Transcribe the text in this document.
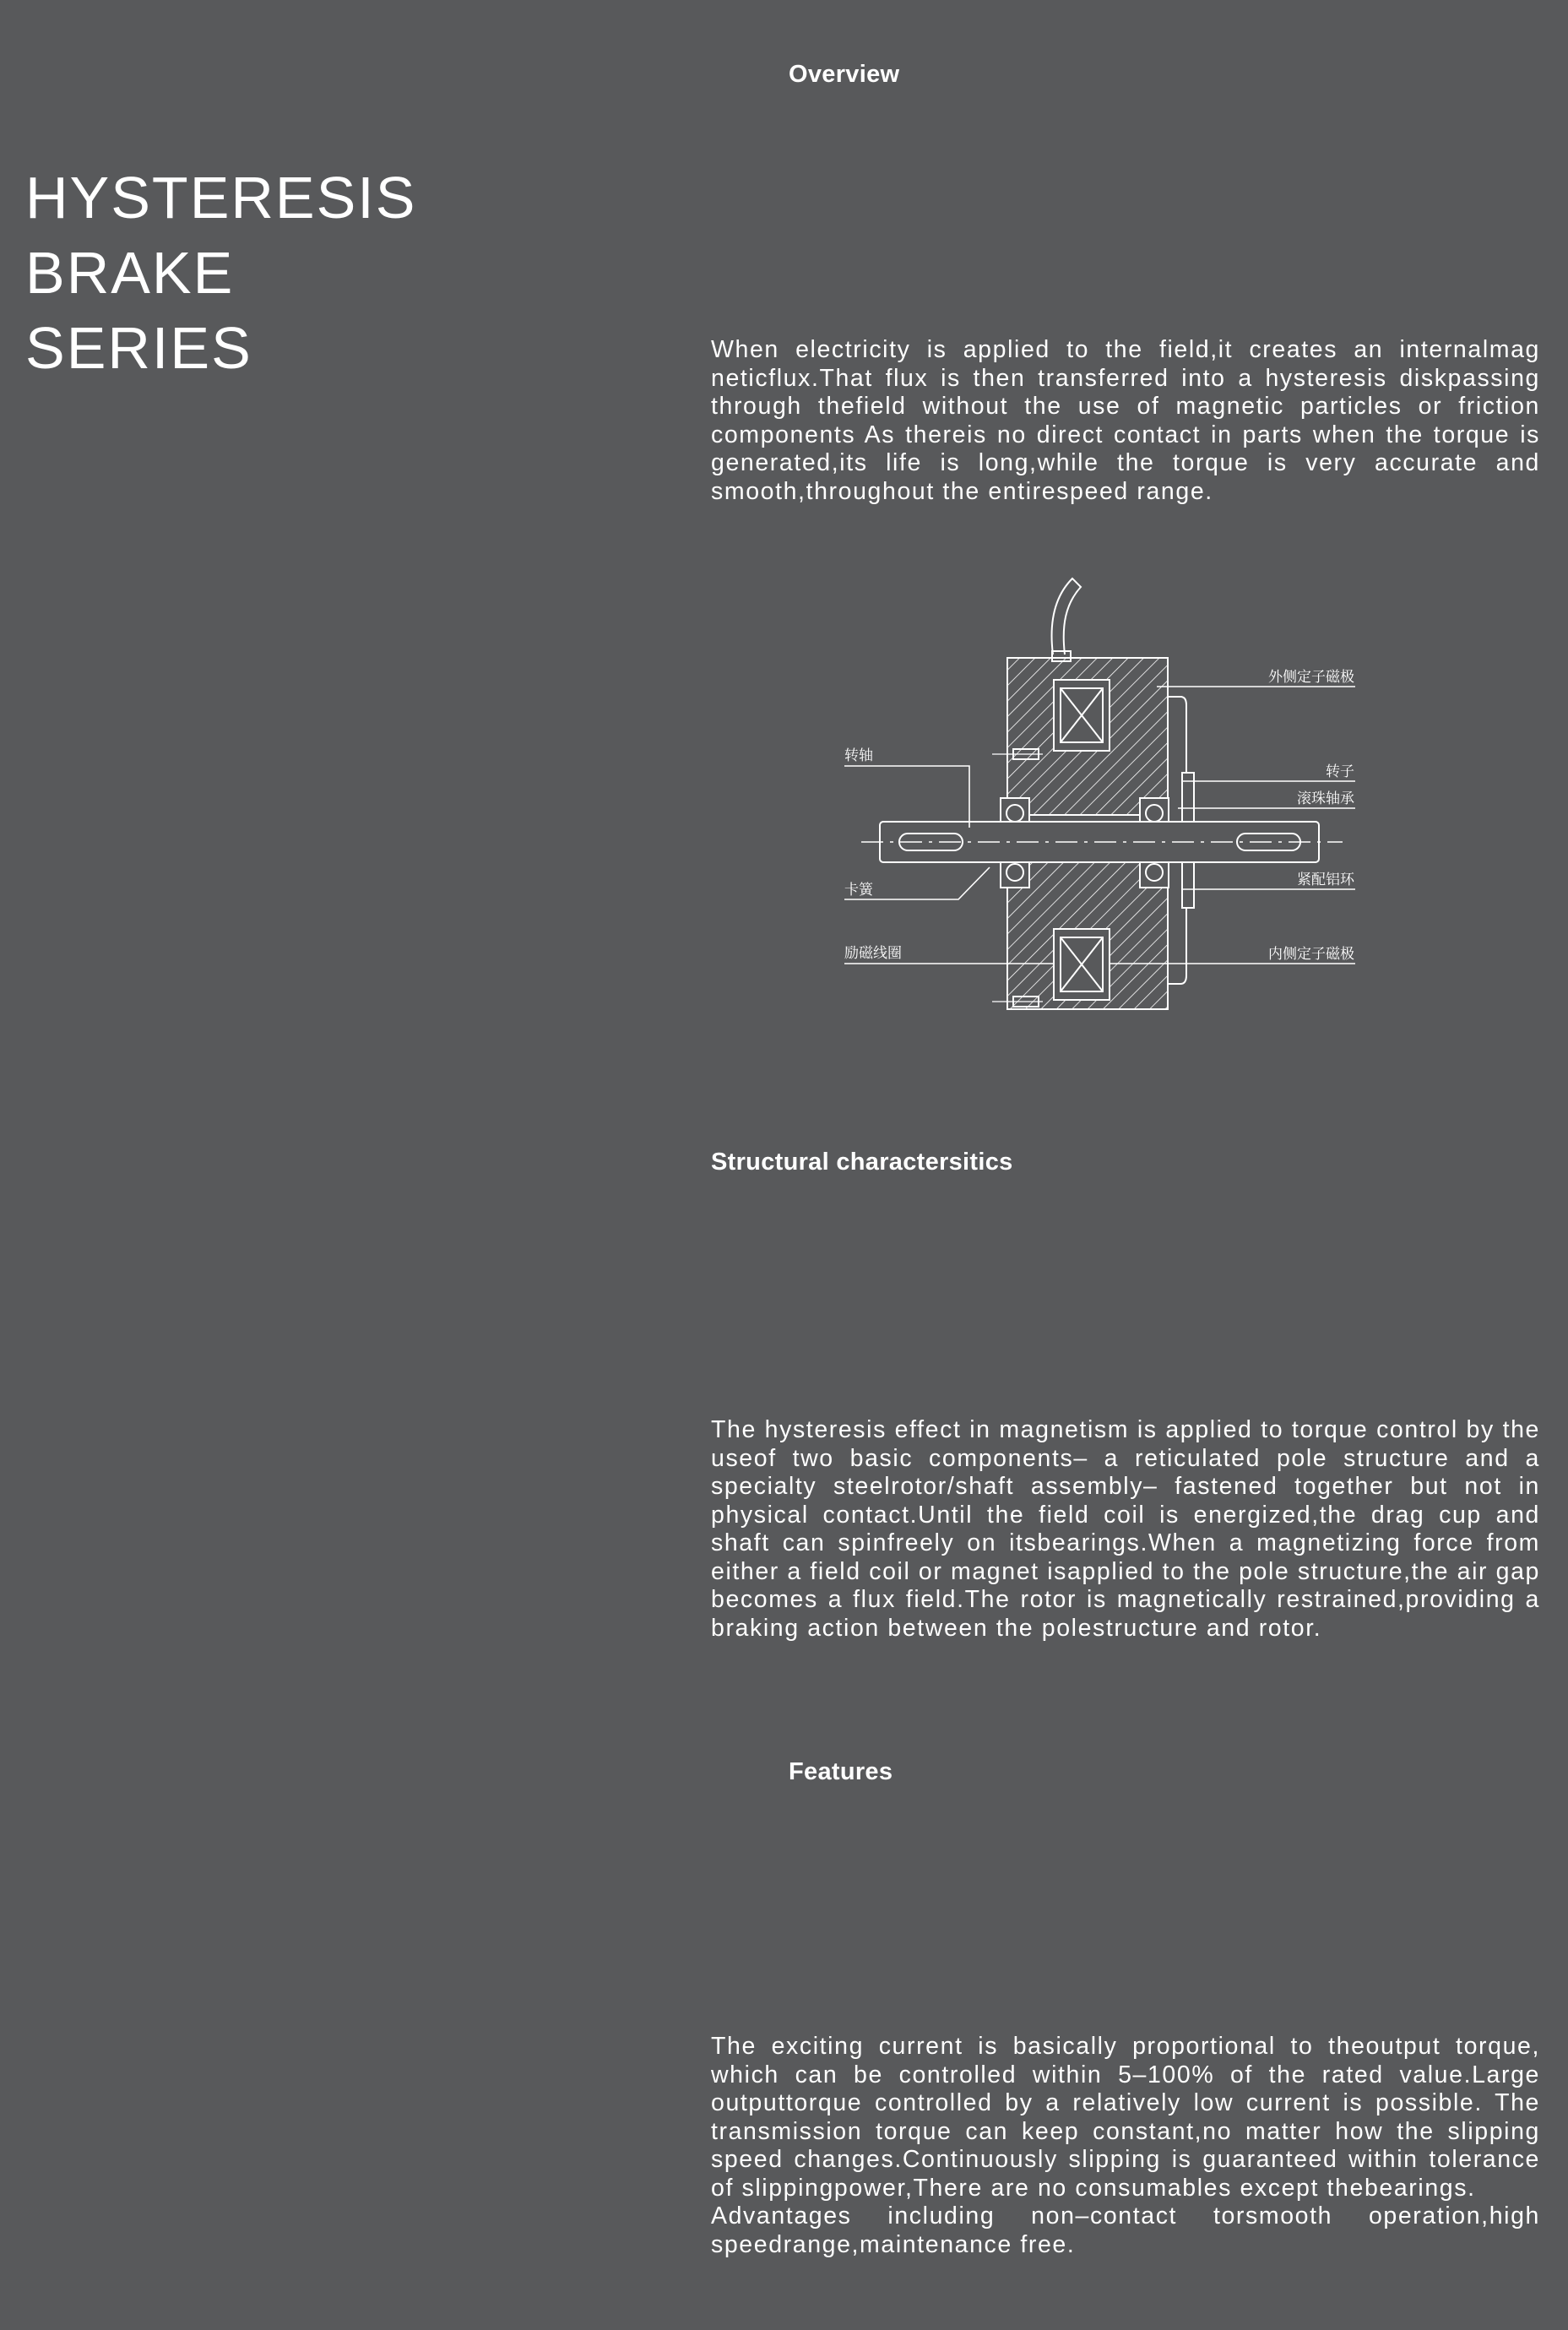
HYSTERESIS
BRAKE
SERIES
Overview

When electricity is applied to the field,it creates an internalmag neticflux.That flux is then transferred into a hysteresis diskpassing through thefield without the use of magnetic particles or friction components As thereis no direct contact in parts when the torque is generated,its life is long,while the torque is very accurate and smooth,throughout the entirespeed range.

外侧定子磁极
转轴
转子
滚珠轴承
卡簧
紧配铝环
励磁线圈	内侧定子磁极
Structural charactersitics

The hysteresis effect in magnetism is applied to torque control by the useof two basic components– a reticulated pole structure and a specialty steelrotor/shaft assembly– fastened together but not in physical contact.Until the field coil is energized,the drag cup and shaft can spinfreely on itsbearings.When a magnetizing force from either a field coil or magnet isapplied to the pole structure,the air gap becomes a flux field.The rotor is magnetically restrained,providing a braking action between the polestructure and rotor.

Features

The exciting current is basically proportional to theoutput torque, which can be controlled within 5–100% of the rated value.Large outputtorque controlled by a relatively low current is possible. The transmission torque can keep constant,no matter how the slipping speed changes.Continuously slipping is guaranteed within tolerance of slippingpower,There are no consumables except thebearings.

Advantages including non–contact torsmooth operation,high speedrange,maintenance free.
